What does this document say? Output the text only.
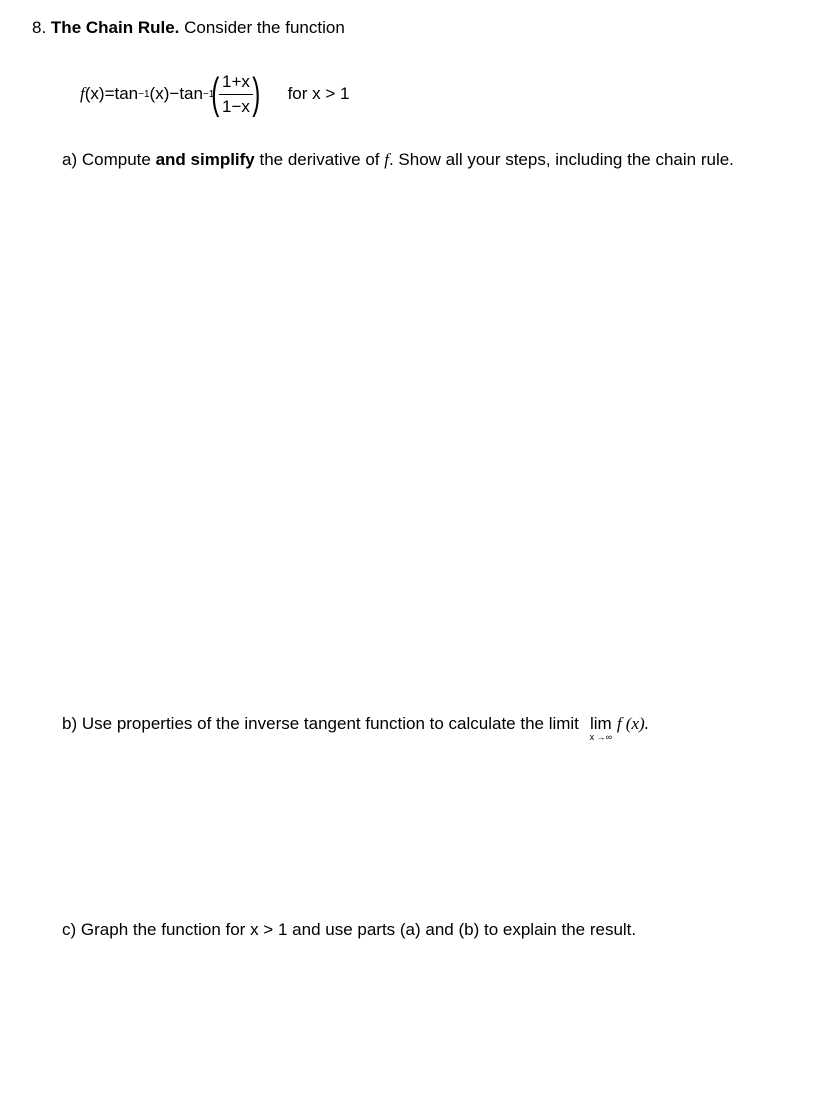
8. The Chain Rule. Consider the function
f (x) = tan −1 (x) − tan −1
( $\frac{1+x}{1-x}$ ) for
x > 1
a) Compute and simplify the derivative of f. Show all your steps, including the chain rule.
b) Use properties of the inverse tangent function to calculate the limit lim
x →∞
f (x).
c) Graph the function for x > 1 and use parts (a) and (b) to explain the result.
